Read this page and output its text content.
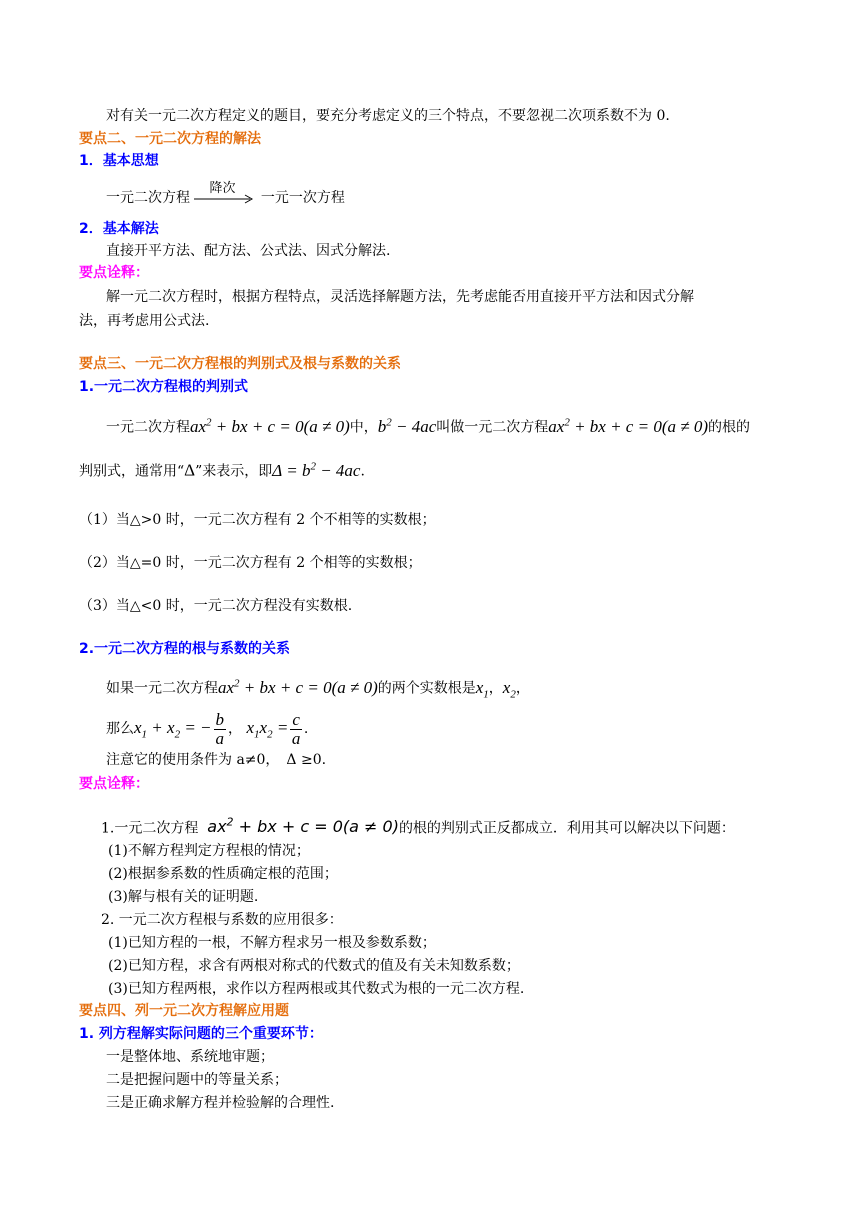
对有关一元二次方程定义的题目，要充分考虑定义的三个特点，不要忽视二次项系数不为 0.
要点二、一元二次方程的解法
1．基本思想
一元二次方程
降次
一元一次方程
2．基本解法
直接开平方法、配方法、公式法、因式分解法.
要点诠释：
解一元二次方程时，根据方程特点，灵活选择解题方法，先考虑能否用直接开平方法和因式分解
法，再考虑用公式法.
要点三、一元二次方程根的判别式及根与系数的关系
1.一元二次方程根的判别式
一元二次方程$ax^2$ + bx + c = 0(a ≠ 0)中，$b^2 - 4ac$叫做一元二次方程$ax^2$ + bx + c = 0(a ≠ 0)的根的
判别式，通常用“Δ”来表示，即$\Delta = b^2 - 4ac$.
（1）当△>0 时，一元二次方程有 2 个不相等的实数根；
（2）当△=0 时，一元二次方程有 2 个相等的实数根；
（3）当△<0 时，一元二次方程没有实数根.
2.一元二次方程的根与系数的关系
如果一元二次方程$ax^2$ + bx + c = 0(a ≠ 0)的两个实数根是$x_1$，$x_2$，
那么$x_1 + x_2$ = − $\frac{b}{a}$ ， $x_1x_2 = \frac{c}{a}$ .
注意它的使用条件为 a≠0，　Δ ≥0.
要点诠释：
1.一元二次方程 $ax^2$ + bx + c = 0(a ≠ 0)的根的判别式正反都成立．利用其可以解决以下问题：
(1)不解方程判定方程根的情况；
(2)根据参系数的性质确定根的范围；
(3)解与根有关的证明题.
2. 一元二次方程根与系数的应用很多：
(1)已知方程的一根，不解方程求另一根及参数系数；
(2)已知方程，求含有两根对称式的代数式的值及有关未知数系数；
(3)已知方程两根，求作以方程两根或其代数式为根的一元二次方程.
要点四、列一元二次方程解应用题
1. 列方程解实际问题的三个重要环节：
一是整体地、系统地审题；
二是把握问题中的等量关系；
三是正确求解方程并检验解的合理性.
